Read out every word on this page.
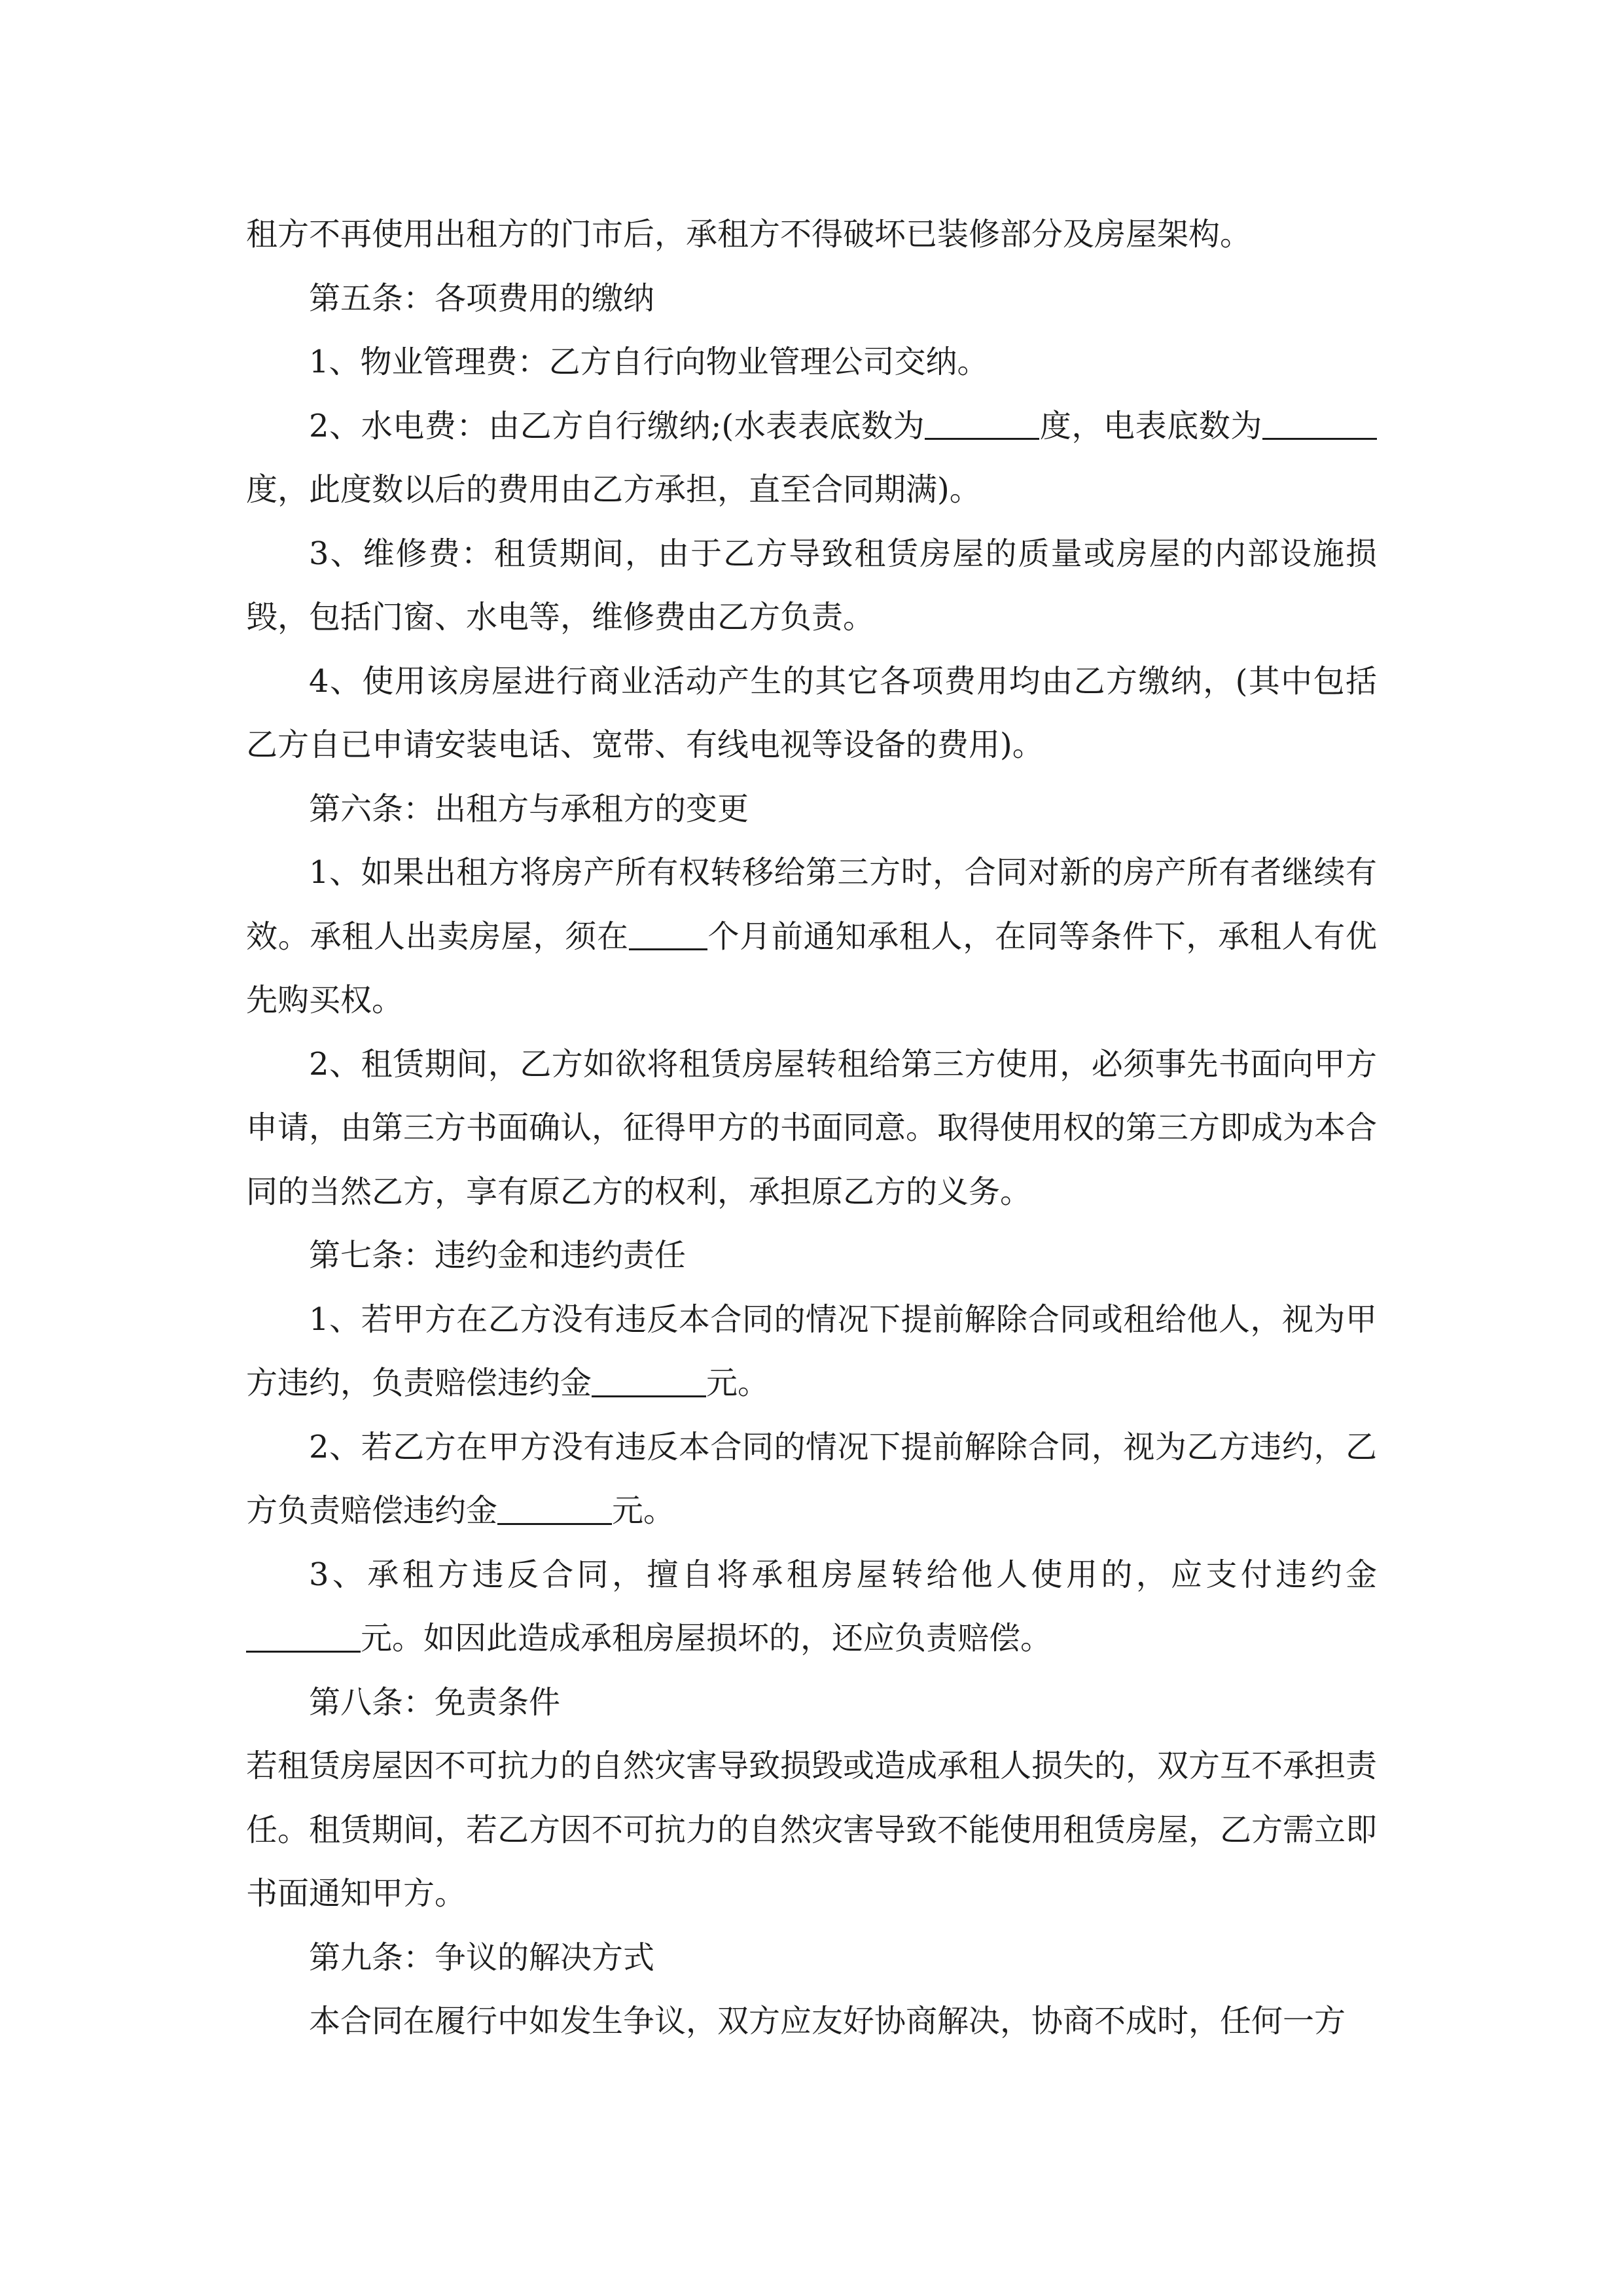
租方不再使用出租方的门市后，承租方不得破坏已装修部分及房屋架构。

第五条：各项费用的缴纳

1、物业管理费：乙方自行向物业管理公司交纳。

2、水电费：由乙方自行缴纳;(水表表底数为	度，电表底数为度，此度数以后的费用由乙方承担，直至合同期满)。

3、维修费：租赁期间，由于乙方导致租赁房屋的质量或房屋的内部设施损毁，包括门窗、水电等，维修费由乙方负责。

4、使用该房屋进行商业活动产生的其它各项费用均由乙方缴纳，(其中包括乙方自已申请安装电话、宽带、有线电视等设备的费用)。

第六条：出租方与承租方的变更

1、如果出租方将房产所有权转移给第三方时，合同对新的房产所有者继续有效。承租人出卖房屋，须在	个月前通知承租人，在同等条件下，承租人有优先购买权。

2、租赁期间，乙方如欲将租赁房屋转租给第三方使用，必须事先书面向甲方申请，由第三方书面确认，征得甲方的书面同意。取得使用权的第三方即成为本合同的当然乙方，享有原乙方的权利，承担原乙方的义务。

第七条：违约金和违约责任

1、若甲方在乙方没有违反本合同的情况下提前解除合同或租给他人，视为甲方违约，负责赔偿违约金	元。

2、若乙方在甲方没有违反本合同的情况下提前解除合同，视为乙方违约，乙方负责赔偿违约金	元。

3、承租方违反合同，擅自将承租房屋转给他人使用的，应支付违约金元。如因此造成承租房屋损坏的，还应负责赔偿。

第八条：免责条件

若租赁房屋因不可抗力的自然灾害导致损毁或造成承租人损失的，双方互不承担责任。租赁期间，若乙方因不可抗力的自然灾害导致不能使用租赁房屋，乙方需立即书面通知甲方。

第九条：争议的解决方式

本合同在履行中如发生争议，双方应友好协商解决，协商不成时，任何一方
